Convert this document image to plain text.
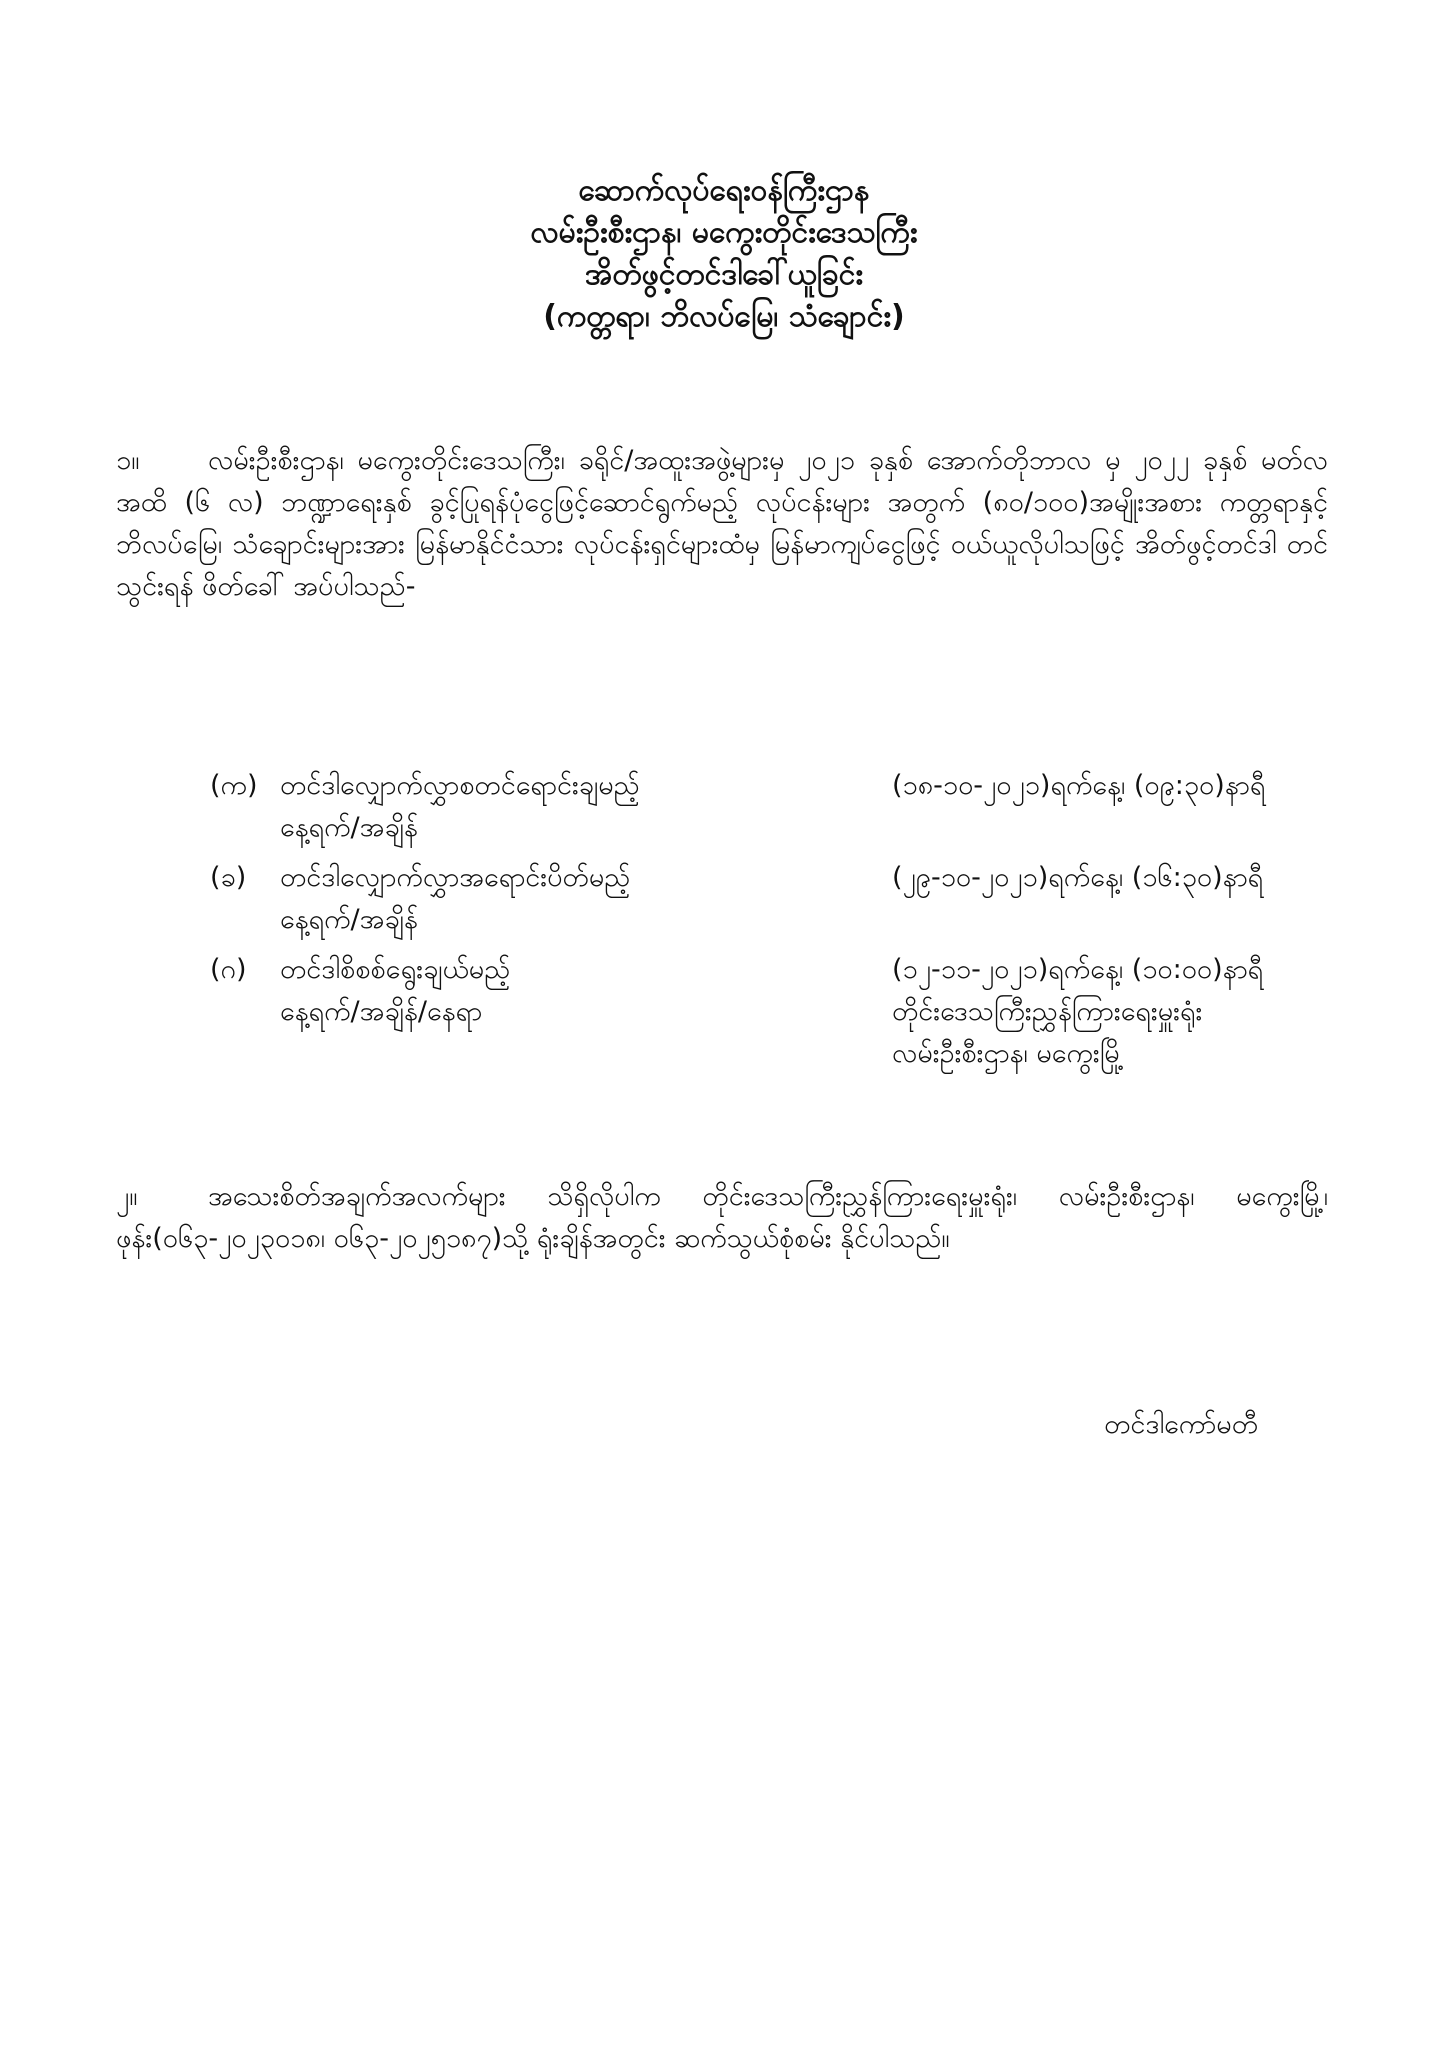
ဆောက်လုပ်ရေးဝန်ကြီးဌာန

လမ်းဦးစီးဌာန၊ မကွေးတိုင်းဒေသကြီး

အိတ်ဖွင့်တင်ဒါခေါ်ယူခြင်း

(ကတ္တရာ၊ ဘိလပ်မြေ၊ သံချောင်း)

၁။	လမ်းဦးစီးဌာန၊ မကွေးတိုင်းဒေသကြီး၊ ခရိုင်/အထူးအဖွဲ့များမှ ၂၀၂၁ ခုနှစ် အောက်တိုဘာလ မှ ၂၀၂၂ ခုနှစ် မတ်လအထိ (၆ လ) ဘဏ္ဍာရေးနှစ် ခွင့်ပြုရန်ပုံငွေဖြင့်ဆောင်ရွက်မည့် လုပ်ငန်းများ အတွက် (၈၀/၁၀၀)အမျိုးအစား ကတ္တရာနှင့် ဘိလပ်မြေ၊ သံချောင်းများအား မြန်မာနိုင်ငံသား လုပ်ငန်းရှင်များထံမှ မြန်မာကျပ်ငွေဖြင့် ဝယ်ယူလိုပါသဖြင့် အိတ်ဖွင့်တင်ဒါ တင်သွင်းရန် ဖိတ်ခေါ် အပ်ပါသည်-
(က) တင်ဒါလျှောက်လွှာစတင်ရောင်းချမည့်
နေ့ရက်/အချိန်
(၁၈-၁၀-၂၀၂၁)ရက်နေ့၊ (၀၉:၃၀)နာရီ
(ခ)	တင်ဒါလျှောက်လွှာအရောင်းပိတ်မည့်
နေ့ရက်/အချိန်
(၂၉-၁၀-၂၀၂၁)ရက်နေ့၊ (၁၆:၃၀)နာရီ
(ဂ)	တင်ဒါစိစစ်ရွေးချယ်မည့်
နေ့ရက်/အချိန်/နေရာ
(၁၂-၁၁-၂၀၂၁)ရက်နေ့၊ (၁၀:၀၀)နာရီ
တိုင်းဒေသကြီးညွှန်ကြားရေးမှူးရုံး
လမ်းဦးစီးဌာန၊ မကွေးမြို့
၂။	အသေးစိတ်အချက်အလက်များ သိရှိလိုပါက တိုင်းဒေသကြီးညွှန်ကြားရေးမှူးရုံး၊ လမ်းဦးစီးဌာန၊ မကွေးမြို့၊ ဖုန်း(၀၆၃-၂၀၂၃၀၁၈၊ ၀၆၃-၂၀၂၅၁၈၇)သို့ ရုံးချိန်အတွင်း ဆက်သွယ်စုံစမ်း နိုင်ပါသည်။
တင်ဒါကော်မတီ
